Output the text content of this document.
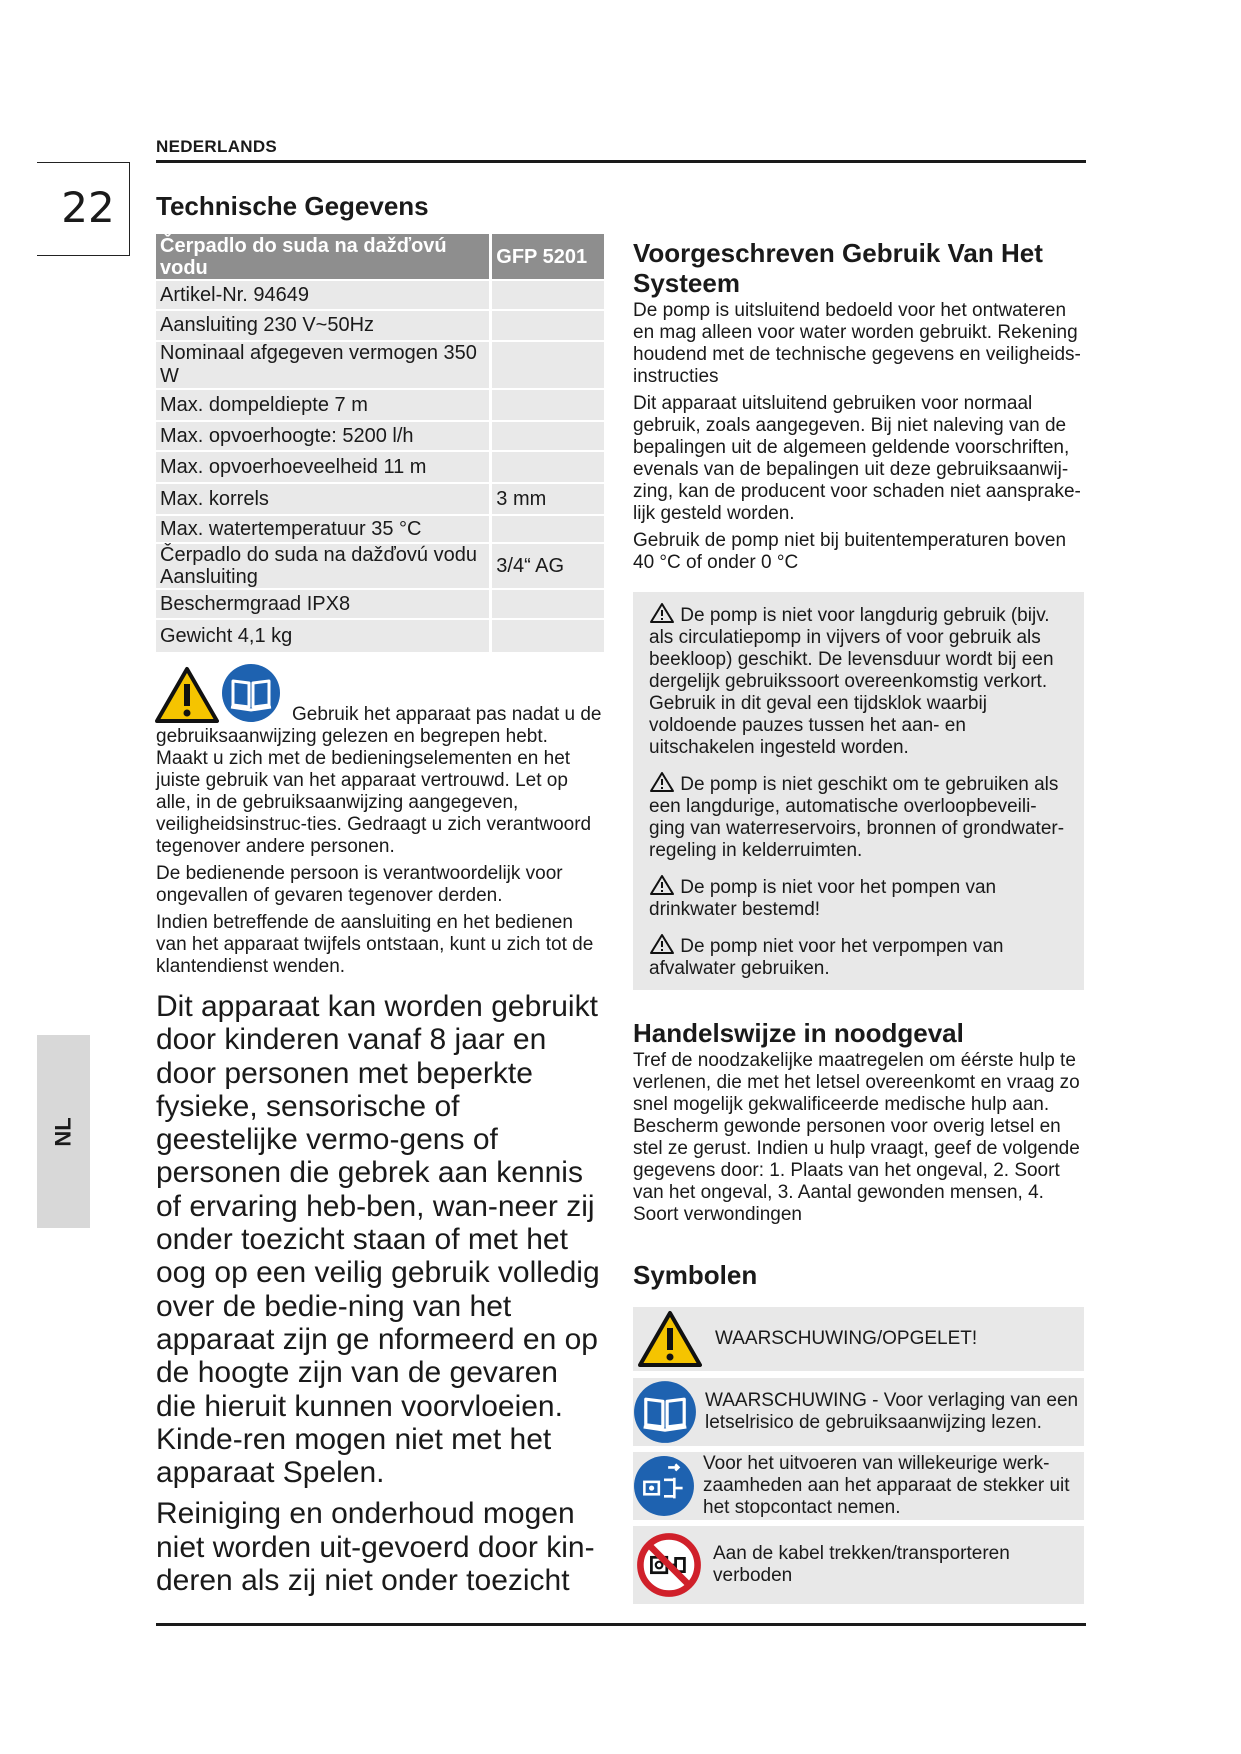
NEDERLANDS
22
NL
Technische Gegevens
Čerpadlo do suda na dažďovú vodu	GFP 5201
Artikel-Nr. 94649	
Aansluiting 230 V~50Hz	
Nominaal afgegeven vermogen 350 W	
Max. dompeldiepte 7 m	
Max. opvoerhoogte: 5200 l/h	
Max. opvoerhoeveelheid 11 m	
Max. korrels	3 mm
Max. watertemperatuur 35 °C	
Čerpadlo do suda na dažďovú vodu Aansluiting	3/4“ AG
Beschermgraad IPX8	
Gewicht 4,1 kg	

Gebruik het apparaat pas nadat u de

gebruiksaanwijzing gelezen en begrepen hebt. Maakt u zich met de bedieningselementen en het juiste gebruik van het apparaat vertrouwd. Let op alle, in de gebruiksaanwijzing aangegeven, veiligheidsinstruc-ties. Gedraagt u zich verantwoord tegenover andere personen.

De bedienende persoon is verantwoordelijk voor ongevallen of gevaren tegenover derden.

Indien betreffende de aansluiting en het bedienen van het apparaat twijfels ontstaan, kunt u zich tot de klantendienst wenden.

Dit apparaat kan worden gebruikt door kinderen vanaf 8 jaar en door personen met beperkte fysieke, sensorische of geestelijke vermo-gens of personen die gebrek aan kennis of ervaring heb-ben, wan-neer zij onder toezicht staan of met het oog op een veilig gebruik volledig over de bedie-ning van het apparaat zijn ge nformeerd en op de hoogte zijn van de gevaren die hieruit kunnen voorvloeien. Kinde-ren mogen niet met het apparaat Spelen.

Reiniging en onderhoud mogen niet worden uit-gevoerd door kin-deren als zij niet onder toezicht

Voorgeschreven Gebruik Van Het Systeem

De pomp is uitsluitend bedoeld voor het ontwateren en mag alleen voor water worden gebruikt. Rekening houdend met de technische gegevens en veiligheids-instructies

Dit apparaat uitsluitend gebruiken voor normaal gebruik, zoals aangegeven. Bij niet naleving van de bepalingen uit de algemeen geldende voorschriften, evenals van de bepalingen uit deze gebruiksaanwij-zing, kan de producent voor schaden niet aansprake-lijk gesteld worden.

Gebruik de pomp niet bij buitentemperaturen boven 40 °C of onder 0 °C

De pomp is niet voor langdurig gebruik (bijv. als circulatiepomp in vijvers of voor gebruik als beekloop) geschikt. De levensduur wordt bij een dergelijk gebruikssoort overeenkomstig verkort. Gebruik in dit geval een tijdsklok waarbij voldoende pauzes tussen het aan- en uitschakelen ingesteld worden.

De pomp is niet geschikt om te gebruiken als een langdurige, automatische overloopbeveili-ging van waterreservoirs, bronnen of grondwater-regeling in kelderruimten.

De pomp is niet voor het pompen van drinkwater bestemd!

De pomp niet voor het verpompen van afvalwater gebruiken.

Handelswijze in noodgeval

Tref de noodzakelijke maatregelen om éérste hulp te verlenen, die met het letsel overeenkomt en vraag zo snel mogelijk gekwalificeerde medische hulp aan. Bescherm gewonde personen voor overig letsel en stel ze gerust. Indien u hulp vraagt, geef de volgende gegevens door: 1. Plaats van het ongeval, 2. Soort van het ongeval, 3. Aantal gewonden mensen, 4. Soort verwondingen

Symbolen
WAARSCHUWING/OPGELET!
WAARSCHUWING - Voor verlaging van een letselrisico de gebruiksaanwijzing lezen.
Voor het uitvoeren van willekeurige werk-zaamheden aan het apparaat de stekker uit het stopcontact nemen.
Aan de kabel trekken/transporteren verboden
